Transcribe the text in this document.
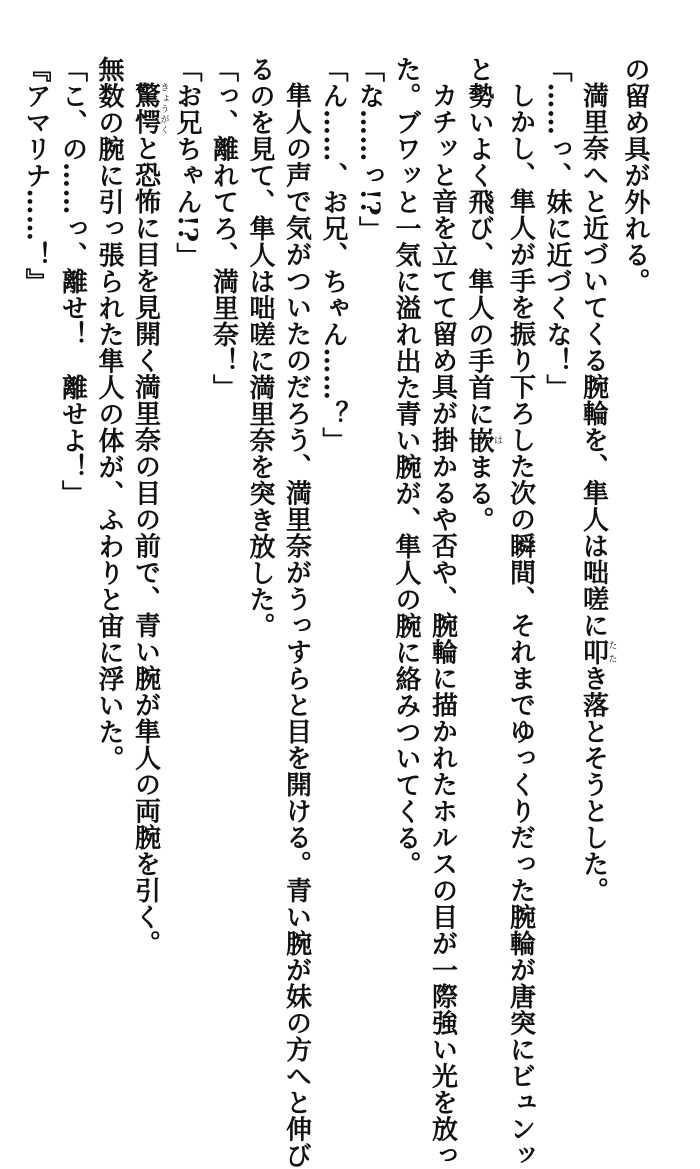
の留め具が外れる。
満里奈へと近づいてくる腕輪を、隼人は咄嗟に叩たたき落とそうとした。
「……っ、妹に近づくな！」
しかし、隼人が手を振り下ろした次の瞬間、それまでゆっくりだった腕輪が唐突にビュンッ
と勢いよく飛び、隼人の手首に嵌はまる。
カチッと音を立てて留め具が掛かるや否や、腕輪に描かれたホルスの目が一際強い光を放っ
た。ブワッと一気に溢れ出た青い腕が、隼人の腕に絡みついてくる。
「な……っ!?」
「ん……、お兄、ちゃん……？」
隼人の声で気がついたのだろう、満里奈がうっすらと目を開ける。青い腕が妹の方へと伸び
るのを見て、隼人は咄嗟に満里奈を突き放した。
「っ、離れてろ、満里奈！」
「お兄ちゃん!?」
驚愕きょうがくと恐怖に目を見開く満里奈の目の前で、青い腕が隼人の両腕を引く。
無数の腕に引っ張られた隼人の体が、ふわりと宙に浮いた。
「こ、の……っ、離せ！　離せよ！」
『アマリナ……！』
